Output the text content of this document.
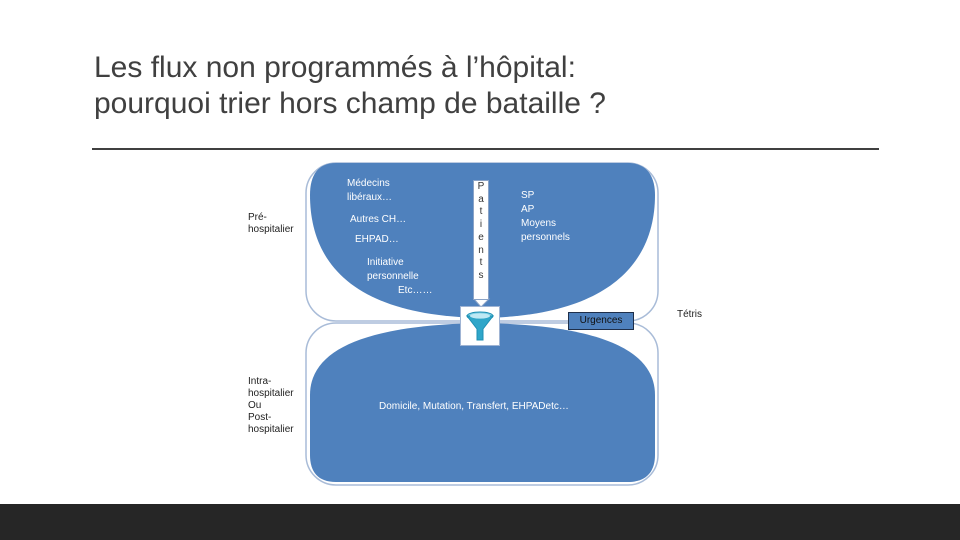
Les flux non programmés à l’hôpital:
pourquoi trier hors champ de bataille ?
Pré-
hospitalier
Intra-
hospitalier
Ou
Post-
hospitalier
Médecins
libéraux…
Autres CH…
EHPAD…
Initiative
personnelle
Etc……
SP
AP
Moyens
personnels
P
a
t
i
e
n
t
s
Urgences
Tétris
Domicile, Mutation, Transfert, EHPADetc…
